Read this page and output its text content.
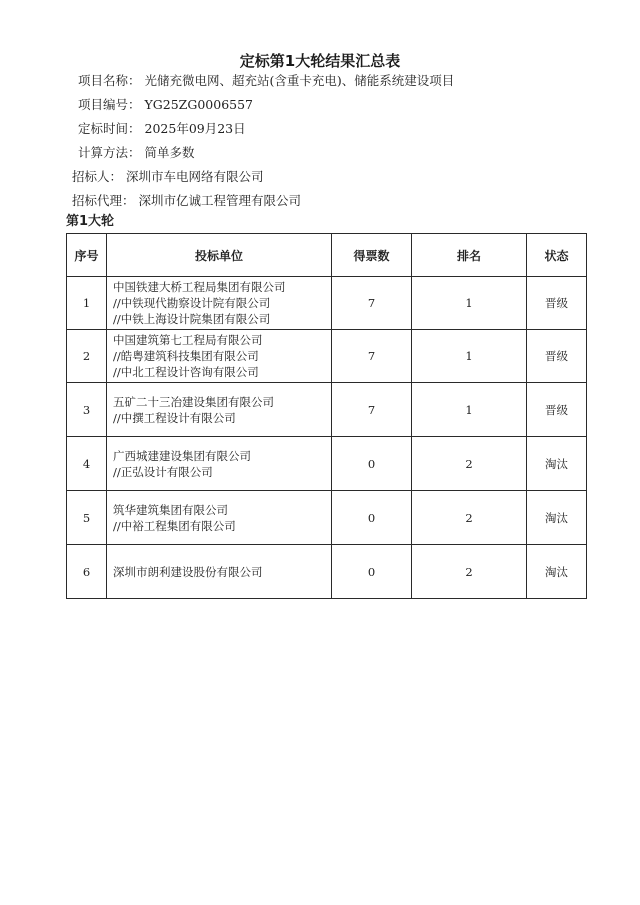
定标第1大轮结果汇总表
项目名称： 光储充微电网、超充站(含重卡充电)、储能系统建设项目
项目编号： YG25ZG0006557
定标时间： 2025年09月23日
计算方法： 简单多数
招标人： 深圳市车电网络有限公司
招标代理： 深圳市亿诚工程管理有限公司
第1大轮
序号	投标单位	得票数	排名	状态
1	中国铁建大桥工程局集团有限公司
//中铁现代勘察设计院有限公司
//中铁上海设计院集团有限公司	7	1	晋级
2	中国建筑第七工程局有限公司
//皓粤建筑科技集团有限公司
//中北工程设计咨询有限公司	7	1	晋级
3	五矿二十三冶建设集团有限公司
//中撰工程设计有限公司	7	1	晋级
4	广西城建建设集团有限公司
//正弘设计有限公司	0	2	淘汰
5	筑华建筑集团有限公司
//中裕工程集团有限公司	0	2	淘汰
6	深圳市朗利建设股份有限公司	0	2	淘汰
